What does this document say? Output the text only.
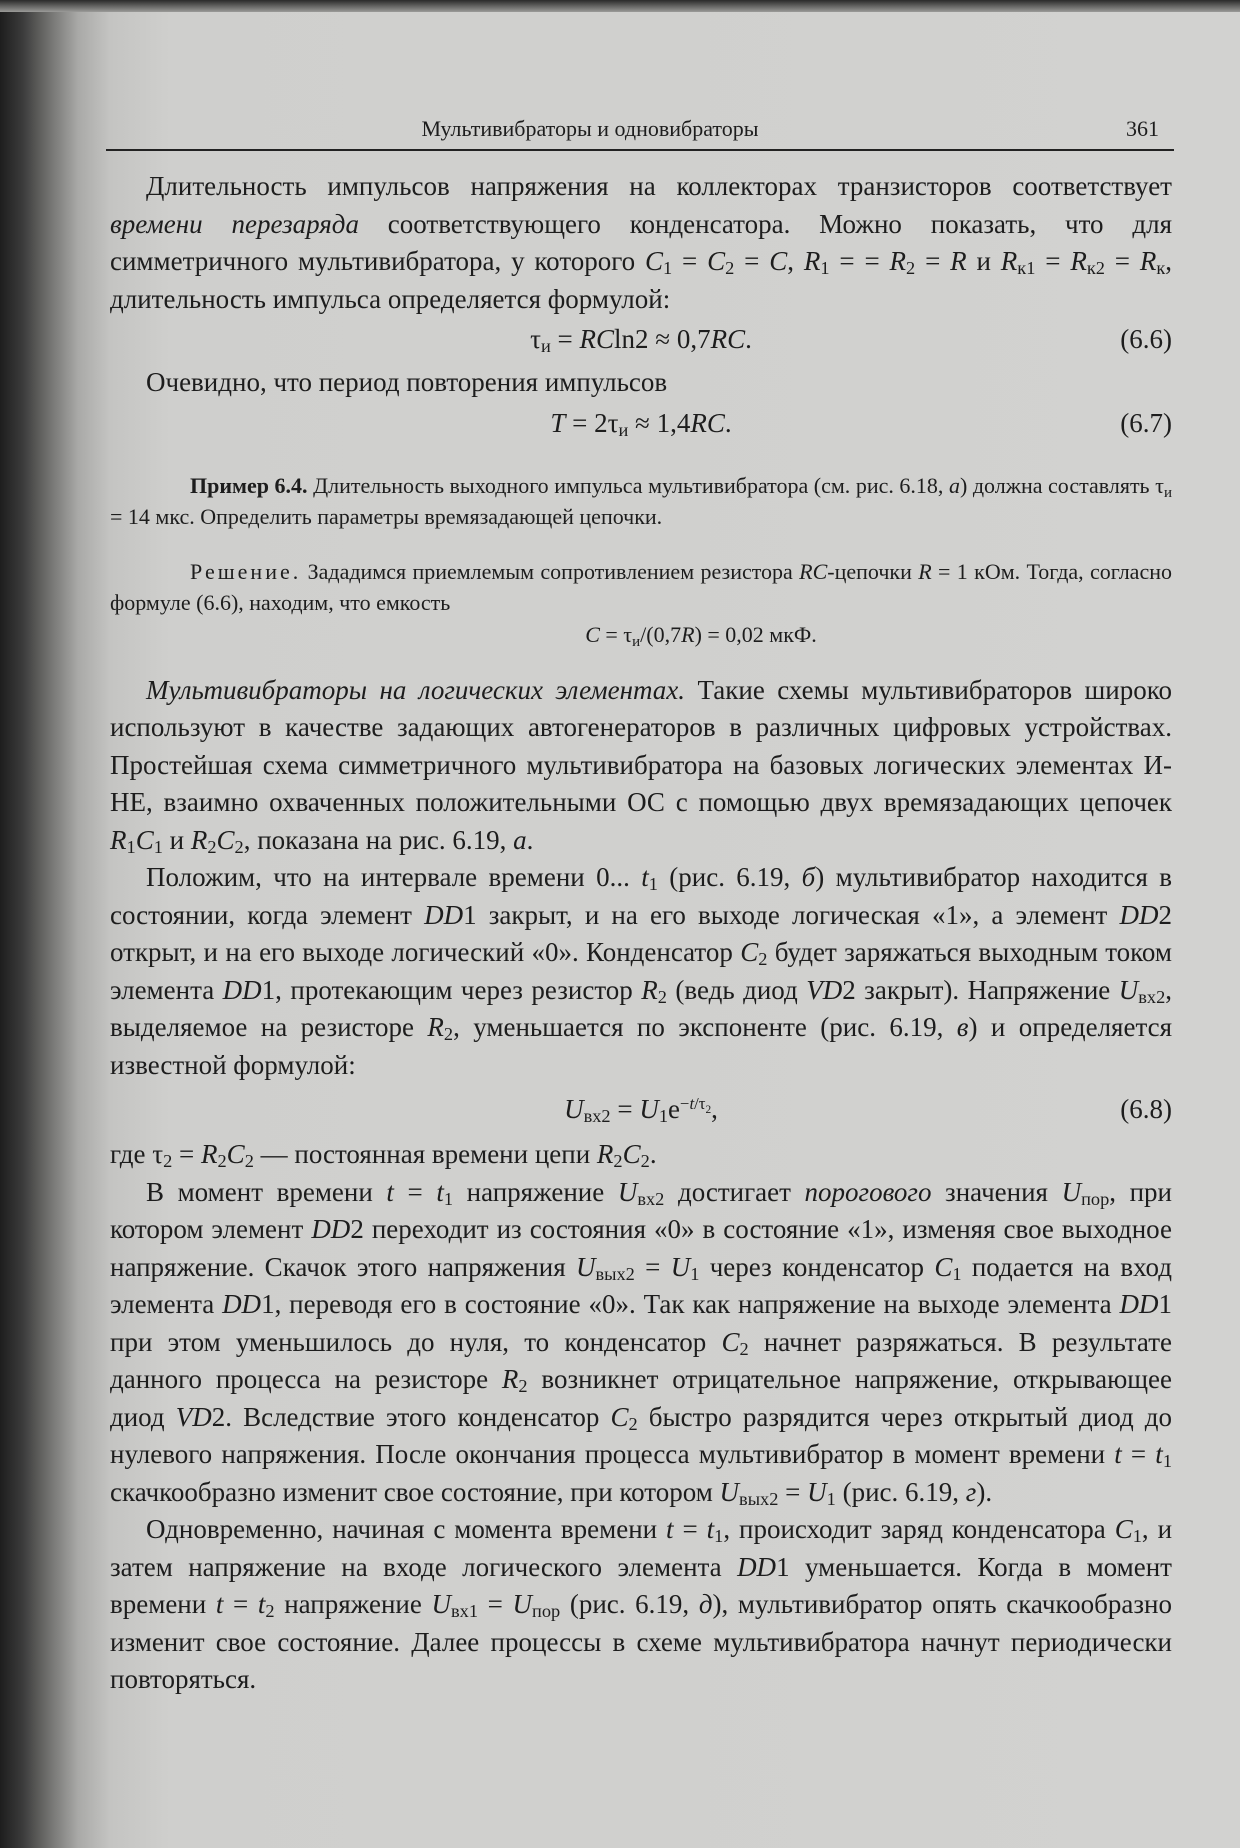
Мультивибраторы и одновибраторы	361

Длительность импульсов напряжения на коллекторах транзисторов соответствует времени перезаряда соответствующего конденсатора. Можно показать, что для симметричного мультивибратора, у которого $C_1 = C_2 = C$, $R_1$ = = $R_2 = R$ и $R_{к1} = R_{к2} = R_к$, длительность импульса определяется формулой:

$\tau_и = RCln2 \approx 0,7RC$.	(6.6)

Очевидно, что период повторения импульсов

$T = 2\tau_и \approx 1,4RC$.	(6.7)

Пример 6.4. Длительность выходного импульса мультивибратора (см. рис. 6.18, а) должна составлять $\tau_и = 14$ мкс. Определить параметры времязадающей цепочки.

Решение. Зададимся приемлемым сопротивлением резистора RC-цепочки R = 1 кОм. Тогда, согласно формуле (6.6), находим, что емкость

$C = \tau_и/(0,7R) = 0,02$ мкФ.

Мультивибраторы на логических элементах. Такие схемы мультивибраторов широко используют в качестве задающих автогенераторов в различных цифровых устройствах. Простейшая схема симметричного мультивибратора на базовых логических элементах И-НЕ, взаимно охваченных положительными ОС с помощью двух времязадающих цепочек $R_1C_1$ и $R_2C_2$, показана на рис. 6.19, а.

Положим, что на интервале времени 0... $t_1$ (рис. 6.19, б) мультивибратор находится в состоянии, когда элемент DD1 закрыт, и на его выходе логическая «1», а элемент DD2 открыт, и на его выходе логический «0». Конденсатор $C_2$ будет заряжаться выходным током элемента DD1, протекающим через резистор $R_2$ (ведь диод VD2 закрыт). Напряжение $U_{вх2}$, выделяемое на резисторе $R_2$, уменьшается по экспоненте (рис. 6.19, в) и определяется известной формулой:

$U_{вх2} = U_1e^{-t/\tau_2}$,	(6.8)

где $\tau_2 = R_2C_2$ — постоянная времени цепи $R_2C_2$.

В момент времени $t = t_1$ напряжение $U_{вх2}$ достигает порогового значения $U_{пор}$, при котором элемент DD2 переходит из состояния «0» в состояние «1», изменяя свое выходное напряжение. Скачок этого напряжения $U_{вых2} = U_1$ через конденсатор $C_1$ подается на вход элемента DD1, переводя его в состояние «0». Так как напряжение на выходе элемента DD1 при этом уменьшилось до нуля, то конденсатор $C_2$ начнет разряжаться. В результате данного процесса на резисторе $R_2$ возникнет отрицательное напряжение, открывающее диод VD2. Вследствие этого конденсатор $C_2$ быстро разрядится через открытый диод до нулевого напряжения. После окончания процесса мультивибратор в момент времени $t = t_1$ скачкообразно изменит свое состояние, при котором $U_{вых2} = U_1$ (рис. 6.19, г).

Одновременно, начиная с момента времени $t = t_1$, происходит заряд конденсатора $C_1$, и затем напряжение на входе логического элемента DD1 уменьшается. Когда в момент времени $t = t_2$ напряжение $U_{вх1} = U_{пор}$ (рис. 6.19, д), мультивибратор опять скачкообразно изменит свое состояние. Далее процессы в схеме мультивибратора начнут периодически повторяться.
